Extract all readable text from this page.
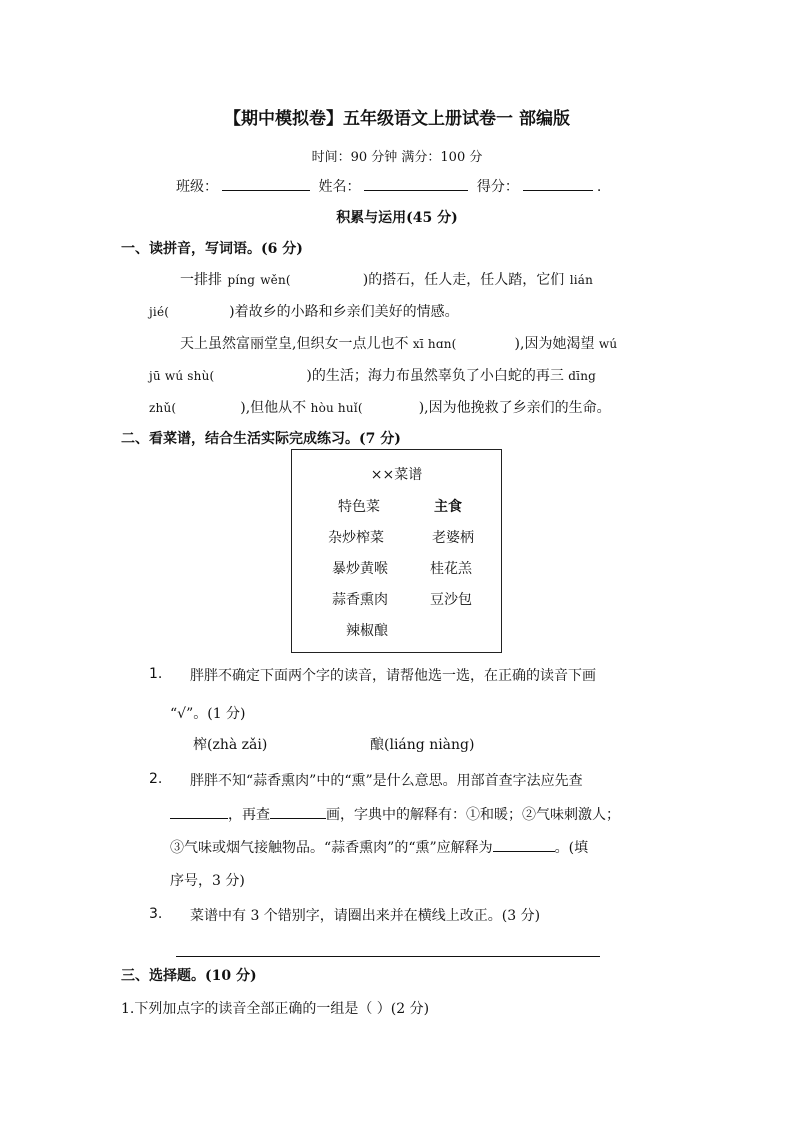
【期中模拟卷】五年级语文上册试卷一 部编版
时间：90 分钟 满分：100 分
班级：	姓名：	得分：	.
积累与运用(45 分)
一、读拼音，写词语。(6 分)
一排排 píng wěn(	)的搭石，任人走，任人踏，它们 lián
jié(	)着故乡的小路和乡亲们美好的情感。
天上虽然富丽堂皇,但织女一点儿也不 xī hɑn(	),因为她渴望 wú
jū wú shù(	)的生活；海力布虽然辜负了小白蛇的再三 dīng
zhǔ(	),但他从不 hòu huǐ(	),因为他挽救了乡亲们的生命。
二、看菜谱，结合生活实际完成练习。(7 分)
××菜谱
特色菜	主食
杂炒榨菜	老婆柄
暴炒黄喉	桂花羔
蒜香熏肉	豆沙包
辣椒酿
1. 胖胖不确定下面两个字的读音，请帮他选一选，在正确的读音下画
“√”。(1 分)
榨(zhà zǎi)	酿(liáng niàng)
2. 胖胖不知“蒜香熏肉”中的“熏”是什么意思。用部首查字法应先查
，再查	画，字典中的解释有：①和暖；②气味刺激人；
③气味或烟气接触物品。“蒜香熏肉”的“熏”应解释为	。(填
序号，3 分)
3. 菜谱中有 3 个错别字，请圈出来并在横线上改正。(3 分)
三、选择题。(10 分)
1.下列加点字的读音全部正确的一组是（ ）(2 分)
